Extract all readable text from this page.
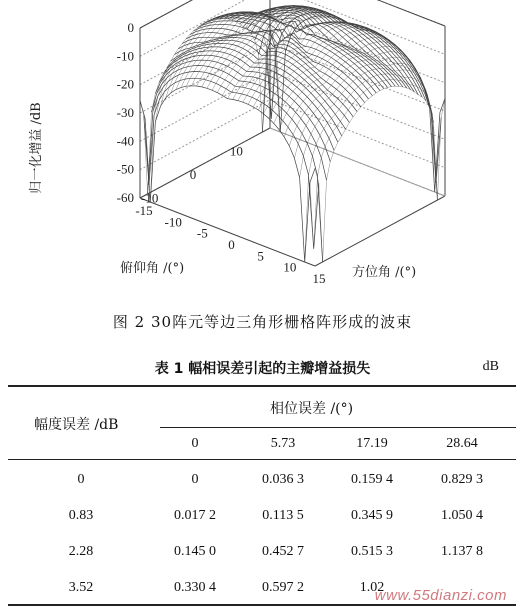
0
-10
-20
-30
-40
-50
-60
10
0
-10
-15
-10
-5
0
5
10
15
归一化增益 /dB
俯仰角 /(°)	方位角 /(°)
图 2 30阵元等边三角形栅格阵形成的波束
表 1 幅相误差引起的主瓣增益损失	dB
幅度误差 /dB
相位误差 /(°)
0	5.73	17.19	28.64
0	0	0.036 3	0.159 4	0.829 3
0.83	0.017 2	0.113 5	0.345 9	1.050 4
2.28	0.145 0	0.452 7	0.515 3	1.137 8
3.52	0.330 4	0.597 2	1.02
www.55dianzi.com
